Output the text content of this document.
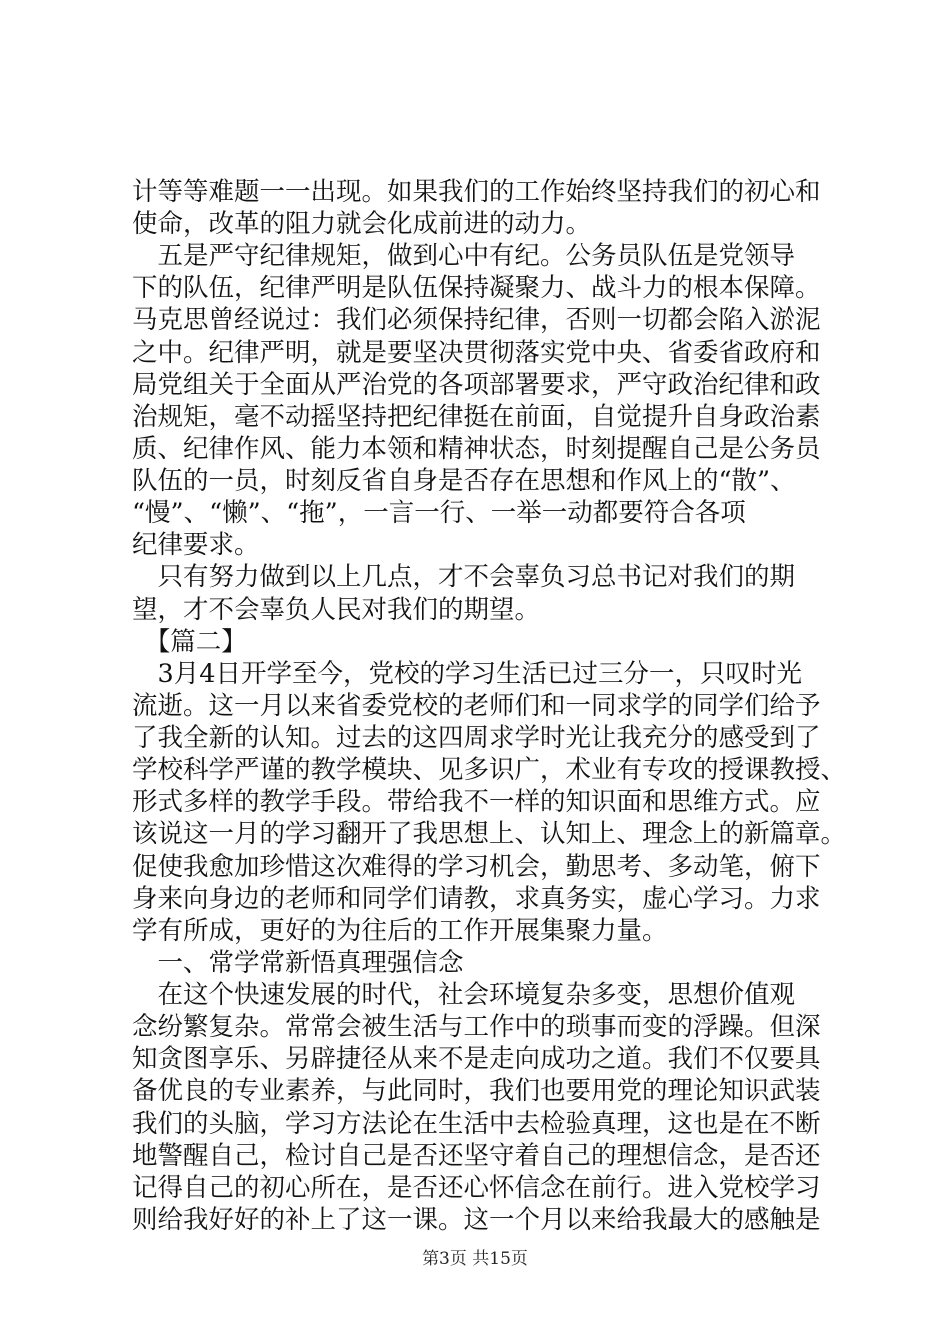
计等等难题一一出现。如果我们的工作始终坚持我们的初心和
使命，改革的阻力就会化成前进的动力。
　五是严守纪律规矩，做到心中有纪。公务员队伍是党领导
下的队伍，纪律严明是队伍保持凝聚力、战斗力的根本保障。
马克思曾经说过：我们必须保持纪律，否则一切都会陷入淤泥
之中。纪律严明，就是要坚决贯彻落实党中央、省委省政府和
局党组关于全面从严治党的各项部署要求，严守政治纪律和政
治规矩，毫不动摇坚持把纪律挺在前面，自觉提升自身政治素
质、纪律作风、能力本领和精神状态，时刻提醒自己是公务员
队伍的一员，时刻反省自身是否存在思想和作风上的“散”、
“慢”、“懒”、“拖”，一言一行、一举一动都要符合各项
纪律要求。
　只有努力做到以上几点，才不会辜负习总书记对我们的期
望，才不会辜负人民对我们的期望。
　【篇二】
　3月4日开学至今，党校的学习生活已过三分一，只叹时光
流逝。这一月以来省委党校的老师们和一同求学的同学们给予
了我全新的认知。过去的这四周求学时光让我充分的感受到了
学校科学严谨的教学模块、见多识广，术业有专攻的授课教授、
形式多样的教学手段。带给我不一样的知识面和思维方式。应
该说这一月的学习翻开了我思想上、认知上、理念上的新篇章。
促使我愈加珍惜这次难得的学习机会，勤思考、多动笔，俯下
身来向身边的老师和同学们请教，求真务实，虚心学习。力求
学有所成，更好的为往后的工作开展集聚力量。
　一、常学常新悟真理强信念
　在这个快速发展的时代，社会环境复杂多变，思想价值观
念纷繁复杂。常常会被生活与工作中的琐事而变的浮躁。但深
知贪图享乐、另辟捷径从来不是走向成功之道。我们不仅要具
备优良的专业素养，与此同时，我们也要用党的理论知识武装
我们的头脑，学习方法论在生活中去检验真理，这也是在不断
地警醒自己，检讨自己是否还坚守着自己的理想信念，是否还
记得自己的初心所在，是否还心怀信念在前行。进入党校学习
则给我好好的补上了这一课。这一个月以来给我最大的感触是
第3页 共15页
